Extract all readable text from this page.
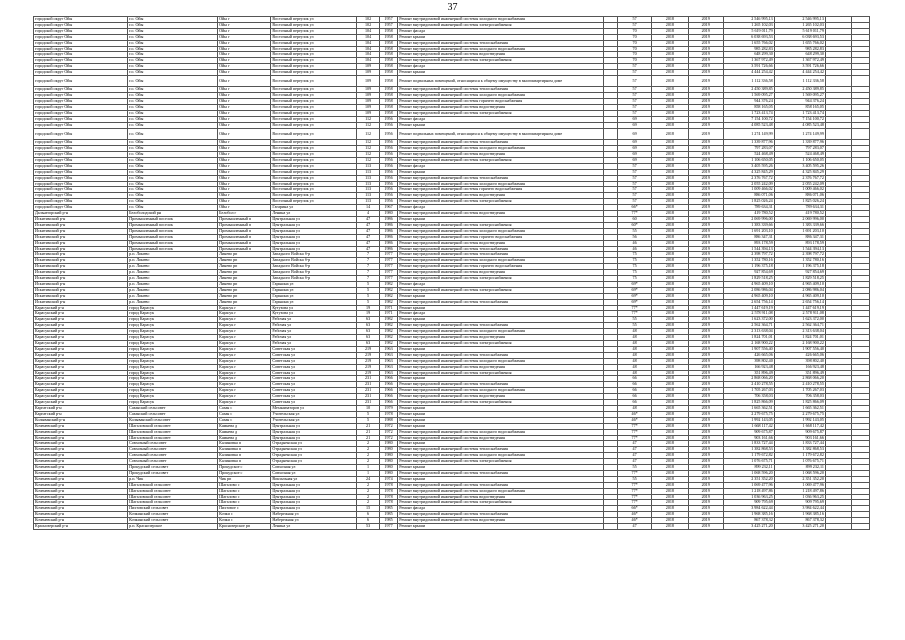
37
городской округ Ойы	г.о. Ойы	Ойы г	Восточный переулок ул	102	1957	Ремонт внутридомовой инженерной системы холодного водоснабжения		57	2018	2019	2 546 995,13	2 546 995,13		
городской округ Ойы	г.о. Ойы	Ойы г	Восточный переулок ул	102	1957	Ремонт внутридомовой инженерной системы электроснабжения		57	2018	2019	1 265 102,03	1 265 102,03		
городской округ Ойы	г.о. Ойы	Ойы г	Восточный переулок ул	104	1958	Ремонт фасада		70	2018	2019	5 619 011,79	5 619 011,79		
городской округ Ойы	г.о. Ойы	Ойы г	Восточный переулок ул	104	1958	Ремонт крыши		70	2018	2019	6 038 693,53	6 038 693,53		
городской округ Ойы	г.о. Ойы	Ойы г	Восточный переулок ул	104	1958	Ремонт внутридомовой инженерной системы теплоснабжения		70	2018	2019	1 655 766,02	1 655 766,02		
городской округ Ойы	г.о. Ойы	Ойы г	Восточный переулок ул	104	1958	Ремонт внутридомовой инженерной системы холодного водоснабжения		70	2018	2019	985 282,83	985 282,83		
городской округ Ойы	г.о. Ойы	Ойы г	Восточный переулок ул	104	1958	Ремонт внутридомовой инженерной системы водоотведения		70	2018	2019	648 299,30	648 299,30		
городской округ Ойы	г.о. Ойы	Ойы г	Восточный переулок ул	104	1958	Ремонт внутридомовой инженерной системы электроснабжения		70	2018	2019	1 367 972,49	1 367 972,49		
городской округ Ойы	г.о. Ойы	Ойы г	Восточный переулок ул	109	1958	Ремонт фасада		57	2018	2019	3 591 726,66	3 591 726,66		
городской округ Ойы	г.о. Ойы	Ойы г	Восточный переулок ул	109	1958	Ремонт крыши		57	2018	2019	4 444 254,42	4 444 254,42		
городской округ Ойы	г.о. Ойы	Ойы г	Восточный переулок ул	109	1958	Ремонт подвальных помещений, относящихся к общему имуществу в многоквартирном доме		57	2018	2019	1 112 336,58	1 112 336,58		
городской округ Ойы	г.о. Ойы	Ойы г	Восточный переулок ул	109	1958	Ремонт внутридомовой инженерной системы теплоснабжения		57	2018	2019	2 450 389,85	2 450 389,85		
городской округ Ойы	г.о. Ойы	Ойы г	Восточный переулок ул	109	1958	Ремонт внутридомовой инженерной системы холодного водоснабжения		57	2018	2019	1 569 095,27	1 569 095,27		
городской округ Ойы	г.о. Ойы	Ойы г	Восточный переулок ул	109	1958	Ремонт внутридомовой инженерной системы горячего водоснабжения		57	2018	2019	944 376,24	944 376,24		
городской округ Ойы	г.о. Ойы	Ойы г	Восточный переулок ул	109	1958	Ремонт внутридомовой инженерной системы водоотведения		57	2018	2019	858 165,05	858 165,05		
городской округ Ойы	г.о. Ойы	Ойы г	Восточный переулок ул	109	1958	Ремонт внутридомовой инженерной системы электроснабжения		57	2018	2019	1 723 413,74	1 723 413,74		
городской округ Ойы	г.о. Ойы	Ойы г	Восточный переулок ул	112	1956	Ремонт фасада		69	2018	2019	7 154 100,72	7 154 100,72		
городской округ Ойы	г.о. Ойы	Ойы г	Восточный переулок ул	112	1956	Ремонт крыши		69	2018	2019	4 085 523,48	4 085 523,48		
городской округ Ойы	г.о. Ойы	Ойы г	Восточный переулок ул	112	1956	Ремонт подвальных помещений, относящихся к общему имуществу в многоквартирном доме		69	2018	2019	1 274 149,99	1 274 149,99		
городской округ Ойы	г.о. Ойы	Ойы г	Восточный переулок ул	112	1956	Ремонт внутридомовой инженерной системы теплоснабжения		69	2018	2019	1 339 877,96	1 339 877,96		
городской округ Ойы	г.о. Ойы	Ойы г	Восточный переулок ул	112	1956	Ремонт внутридомовой инженерной системы холодного водоснабжения		69	2018	2019	797 283,07	797 283,07		
городской округ Ойы	г.о. Ойы	Ойы г	Восточный переулок ул	112	1956	Ремонт внутридомовой инженерной системы водоотведения		69	2018	2019	524 468,49	524 468,49		
городской округ Ойы	г.о. Ойы	Ойы г	Восточный переулок ул	112	1956	Ремонт внутридомовой инженерной системы электроснабжения		69	2018	2019	1 106 650,05	1 106 650,05		
городской округ Ойы	г.о. Ойы	Ойы г	Восточный переулок ул	113	1956	Ремонт фасада		57	2018	2019	3 405 595,26	3 405 595,26		
городской округ Ойы	г.о. Ойы	Ойы г	Восточный переулок ул	113	1956	Ремонт крыши		57	2018	2019	4 325 845,29	4 325 845,29		
городской округ Ойы	г.о. Ойы	Ойы г	Восточный переулок ул	113	1956	Ремонт внутридомовой инженерной системы теплоснабжения		57	2018	2019	2 376 767,72	2 376 767,72		
городской округ Ойы	г.о. Ойы	Ойы г	Восточный переулок ул	113	1956	Ремонт внутридомовой инженерной системы холодного водоснабжения		57	2018	2019	2 055 242,09	2 055 242,09		
городской округ Ойы	г.о. Ойы	Ойы г	Восточный переулок ул	113	1956	Ремонт внутридомовой инженерной системы горячего водоснабжения		57	2018	2019	1 009 466,02	1 009 466,02		
городской округ Ойы	г.о. Ойы	Ойы г	Восточный переулок ул	113	1956	Ремонт внутридомовой инженерной системы водоотведения		57	2018	2019	886 071,06	886 071,06		
городской округ Ойы	г.о. Ойы	Ойы г	Восточный переулок ул	113	1956	Ремонт внутридомовой инженерной системы электроснабжения		57	2018	2019	1 825 026,24	1 825 026,24		
городской округ Ойы	г.о. Ойы	Ойы г	Гагарина ул	14	1967	Ремонт фасада		66*	2018	2019	789 634,31	789 634,31		
Дальнегорский р-н	Белоболодский рн	Белобол г	Ленина ул	4	1980	Ремонт внутридомовой инженерной системы водоотведения		77*	2018	2019	419 780,52	419 780,52		
Искитимский р-н	Промышленный поселок	Промышленный п	Центральная ул	47	1986	Ремонт крыши		60	2018	2019	2 069 996,00	2 069 996,00		
Искитимский р-н	Промышленный поселок	Промышленный п	Центральная ул	47	1986	Ремонт внутридомовой инженерной системы электроснабжения		60*	2018	2019	1 383 339,66	1 383 339,66		
Искитимский р-н	Промышленный поселок	Промышленный п	Центральная ул	47	1986	Ремонт внутридомовой инженерной системы холодного водоснабжения		55	2018	2019	1 691 203,10	1 691 203,10		
Искитимский р-н	Промышленный поселок	Промышленный п	Центральная ул	47	1986	Ремонт внутридомовой инженерной системы горячего водоснабжения		56	2018	2019	886 347,31	886 347,31		
Искитимский р-н	Промышленный поселок	Промышленный п	Центральная ул	47	1986	Ремонт внутридомовой инженерной системы водоотведения		46	2018	2019	893 178,59	893 178,59		
Искитимский р-н	Промышленный поселок	Промышленный п	Центральная ул	47	1986	Ремонт внутридомовой инженерной системы теплоснабжения		46	2018	2019	1 544 394,13	1 544 394,13		
Искитимский р-н	р.п. Линево	Линево рп	Западного Войска б-р	7	1977	Ремонт внутридомовой инженерной системы теплоснабжения		75	2018	2019	2 398 797,72	2 398 797,72		
Искитимский р-н	р.п. Линево	Линево рп	Западного Войска б-р	7	1977	Ремонт внутридомовой инженерной системы холодного водоснабжения		75	2018	2019	1 352 780,16	1 352 780,16		
Искитимский р-н	р.п. Линево	Линево рп	Западного Войска б-р	7	1977	Ремонт внутридомовой инженерной системы горячего водоснабжения		75	2018	2019	1 196 375,18	1 196 375,18		
Искитимский р-н	р.п. Линево	Линево рп	Западного Войска б-р	7	1977	Ремонт внутридомовой инженерной системы водоотведения		75	2018	2019	927 854,69	927 854,69		
Искитимский р-н	р.п. Линево	Линево рп	Западного Войска б-р	7	1977	Ремонт внутридомовой инженерной системы электроснабжения		75	2018	2019	1 829 518,25	1 829 518,25		
Искитимский р-н	р.п. Линево	Линево рп	Гарькина ул	5	1982	Ремонт фасада		69*	2018	2019	4 965 409,10	4 965 409,10		
Искитимский р-н	р.п. Линево	Линево рп	Гарькина ул	5	1982	Ремонт внутридомовой инженерной системы электроснабжения		69*	2018	2019	2 086 986,04	2 086 986,04		
Искитимский р-н	р.п. Линево	Линево рп	Гарькина ул	5	1982	Ремонт крыши		69*	2018	2019	4 965 409,10	4 965 409,10		
Искитимский р-н	р.п. Линево	Линево рп	Гарькина ул	5	1982	Ремонт внутридомовой инженерной системы теплоснабжения		69*	2018	2019	2 654 756,14	2 654 756,14		
Карасукский р-н	город Карасук	Карасук г	Кутузова ул	19	1971	Ремонт крыши		77*	2018	2019	1 447 619,19	1 447 619,19		
Карасукский р-н	город Карасук	Карасук г	Кутузова ул	19	1971	Ремонт фасада		77*	2018	2019	2 578 911,08	2 578 911,08		
Карасукский р-н	город Карасук	Карасук г	Рабочая ул	63	1982	Ремонт крыши		55	2018	2019	1 623 372,00	1 623 372,00		
Карасукский р-н	город Карасук	Карасук г	Рабочая ул	63	1982	Ремонт внутридомовой инженерной системы теплоснабжения		55	2018	2019	2 562 364,71	2 562 364,71		
Карасукский р-н	город Карасук	Карасук г	Рабочая ул	63	1982	Ремонт внутридомовой инженерной системы холодного водоснабжения		48	2018	2019	2 313 638,04	2 313 638,04		
Карасукский р-н	город Карасук	Карасук г	Рабочая ул	63	1982	Ремонт внутридомовой инженерной системы водоотведения		48	2018	2019	1 824 701,01	1 824 701,01		
Карасукский р-н	город Карасук	Карасук г	Рабочая ул	63	1982	Ремонт внутридомовой инженерной системы электроснабжения		48	2018	2019	2 168 900,22	2 168 900,22		
Карасукский р-н	город Карасук	Карасук г	Советская ул	219	1963	Ремонт крыши		48	2018	2019	1 907 556,40	1 907 556,40		
Карасукский р-н	город Карасук	Карасук г	Советская ул	219	1963	Ремонт внутридомовой инженерной системы теплоснабжения		48	2018	2019	426 665,06	426 665,06		
Карасукский р-н	город Карасук	Карасук г	Советская ул	219	1963	Ремонт внутридомовой инженерной системы холодного водоснабжения		48	2018	2019	398 802,40	398 802,40		
Карасукский р-н	город Карасук	Карасук г	Советская ул	219	1963	Ремонт внутридомовой инженерной системы водоотведения		48	2018	2019	166 923,48	166 923,48		
Карасукский р-н	город Карасук	Карасук г	Советская ул	219	1963	Ремонт внутридомовой инженерной системы электроснабжения		48	2018	2019	351 896,49	351 896,49		
Карасукский р-н	город Карасук	Карасук г	Советская ул	231	1966	Ремонт крыши		66	2018	2019	2 868 066,20	2 868 066,20		
Карасукский р-н	город Карасук	Карасук г	Советская ул	231	1966	Ремонт внутридомовой инженерной системы теплоснабжения		66	2018	2019	2 410 278,55	2 410 278,55		
Карасукский р-н	город Карасук	Карасук г	Советская ул	231	1966	Ремонт внутридомовой инженерной системы холодного водоснабжения		66	2018	2019	1 705 267,03	1 705 267,03		
Карасукский р-н	город Карасук	Карасук г	Советская ул	231	1966	Ремонт внутридомовой инженерной системы водоотведения		66	2018	2019	706 358,03	706 358,03		
Карасукский р-н	город Карасук	Карасук г	Советская ул	231	1966	Ремонт внутридомовой инженерной системы электроснабжения		66	2018	2019	1 825 866,09	1 825 866,09		
Каргатский р-н	Сазанский сельсовет	Сазан с	Механизаторов ул	10	1979	Ремонт крыши		48	2018	2019	1 665 362,51	1 665 362,51		
Каргатский р-н	Сазанский сельсовет	Сазан с	Учительская ул	5	1978	Ремонт крыши		46*	2018	2019	2 279 675,75	2 279 675,75		
Колыванский р-н	Колыванский сельсовет	Сазан с	Учительская ул	5	1988	Ремонт крыши		46*	2018	2019	1 992 143,05	1 992 143,05		
Коченевский р-н	Шагаловский сельсовет	Камнева д	Центральная ул	21	1972	Ремонт крыши		77*	2018	2019	1 668 117,42	1 668 117,42		
Коченевский р-н	Шагаловский сельсовет	Камнева д	Центральная ул	21	1972	Ремонт внутридомовой инженерной системы холодного водоснабжения		77*	2018	2019	909 675,87	909 675,87		
Коченевский р-н	Шагаловский сельсовет	Камнева д	Центральная ул	21	1972	Ремонт внутридомовой инженерной системы водоотведения		77*	2018	2019	903 161,66	903 161,66		
Коченевский р-н	Совхозный сельсовет	Калиновка п	Отрадненская ул	2	1980	Ремонт крыши		47	2018	2019	1 833 727,44	1 833 727,44		
Коченевский р-н	Совхозный сельсовет	Калиновка п	Отрадненская ул	2	1980	Ремонт внутридомовой инженерной системы теплоснабжения		47	2018	2019	1 382 868,53	1 382 868,53		
Коченевский р-н	Совхозный сельсовет	Калиновка п	Отрадненская ул	2	1980	Ремонт внутридомовой инженерной системы холодного водоснабжения		47	2018	2019	1 179 672,82	1 179 672,82		
Коченевский р-н	Совхозный сельсовет	Калиновка п	Отрадненская ул	2	1980	Ремонт внутридомовой инженерной системы электроснабжения		47	2018	2019	1 076 675,71	1 076 675,71		
Коченевский р-н	Прокудский сельсовет	Прокудское с	Совхозная ул	1	1980	Ремонт крыши		55	2018	2019	899 232,11	899 232,11		
Коченевский р-н	Прокудский сельсовет	Прокудское с	Совхозная ул	1	1980	Ремонт внутридомовой инженерной системы теплоснабжения		77*	2018	2019	1 068 596,20	1 068 596,20		
Коченевский р-н	р.п. Чик	Чик рп	Вокзальная ул	24	1974	Ремонт крыши		55	2018	2019	2 351 352,20	2 351 352,20		
Коченевский р-н	Шагаловский сельсовет	Шагалово с	Центральная ул	2	1978	Ремонт внутридомовой инженерной системы теплоснабжения		77*	2018	2019	1 069 477,96	1 069 477,96		
Коченевский р-н	Шагаловский сельсовет	Шагалово с	Центральная ул	2	1978	Ремонт внутридомовой инженерной системы холодного водоснабжения		77*	2018	2019	1 218 497,86	1 218 497,86		
Коченевский р-н	Шагаловский сельсовет	Шагалово с	Центральная ул	2	1978	Ремонт внутридомовой инженерной системы водоотведения		77*	2018	2019	1 036 963,25	1 036 963,25		
Коченевский р-н	Шагаловский сельсовет	Шагалово с	Центральная ул	2	1978	Ремонт внутридомовой инженерной системы электроснабжения		77*	2018	2019	909 795,69	909 795,69		
Коченевский р-н	Пихтовский сельсовет	Пихтовое с	Центральная ул	15	1985	Ремонт фасада		66*	2018	2019	3 984 622,44	3 984 622,44		
Коченевский р-н	Кочкинский сельсовет	Кочки с	Набережная ул	6	1985	Ремонт внутридомовой инженерной системы теплоснабжения		46*	2018	2019	1 968 385,16	1 968 385,16		
Коченевский р-н	Кочкинский сельсовет	Кочки с	Набережная ул	6	1985	Ремонт внутридомовой инженерной системы водоотведения		46*	2018	2019	867 378,32	867 378,32		
Краснозерский р-н	р.п. Краснозерское	Краснозерское рп	Ленина ул	53	1977	Ремонт крыши		47	2018	2019	3 425 271,20	3 425 271,20		
